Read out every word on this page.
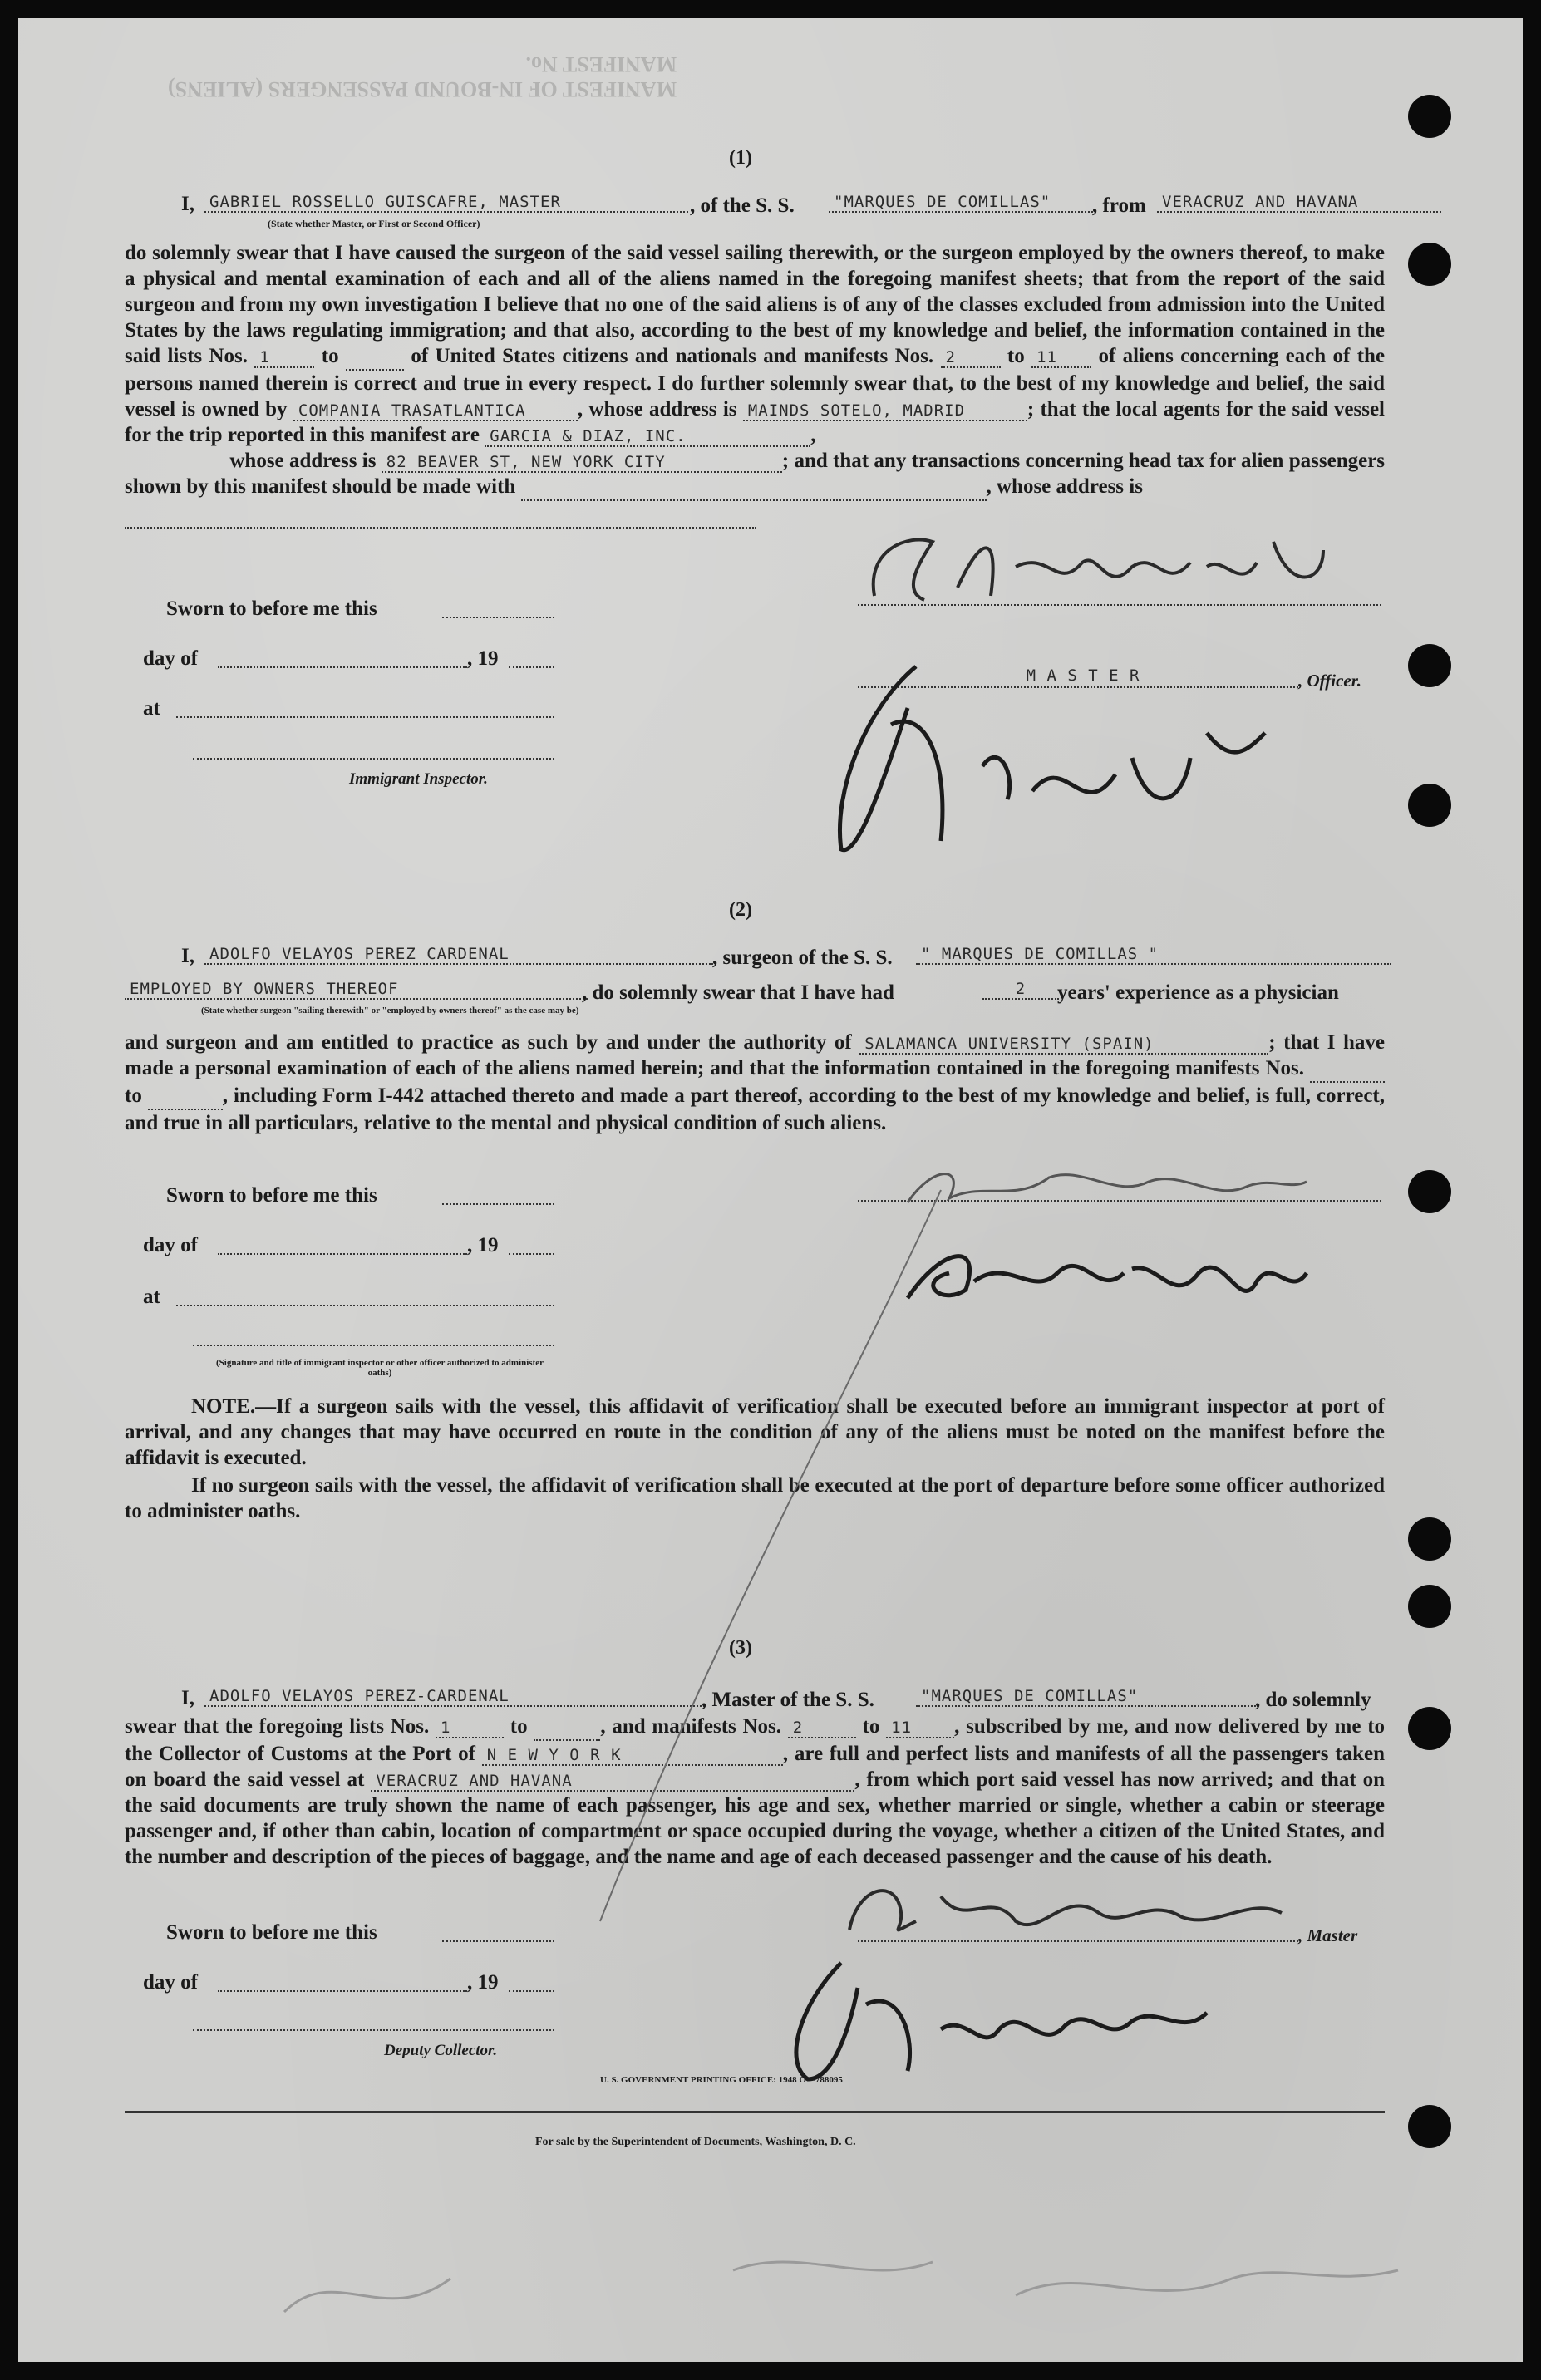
MANIFEST OF IN-BOUND PASSENGERS (ALIENS)
MANIFEST No.
(1)
I, GABRIEL ROSSELLO GUISCAFRE, MASTER	, of the S. S.	"MARQUES DE COMILLAS"	, from	VERACRUZ AND HAVANA
(State whether Master, or First or Second Officer)
do solemnly swear that I have caused the surgeon of the said vessel sailing therewith, or the surgeon employed by the owners thereof, to make a physical and mental examination of each and all of the aliens named in the foregoing manifest sheets; that from the report of the said surgeon and from my own investigation I believe that no one of the said aliens is of any of the classes excluded from admission into the United States by the laws regulating immigration; and that also, according to the best of my knowledge and belief, the information contained in the said lists Nos. 1 to	of United States citizens and nationals and manifests Nos. 2 to 11 of aliens concerning each of the persons named therein is correct and true in every respect. I do further solemnly swear that, to the best of my knowledge and belief, the said vessel is owned by COMPANIA TRASATLANTICA , whose address is MAINDS SOTELO, MADRID	; that the local agents for the said vessel for the trip reported in this manifest are GARCIA & DIAZ, INC.	,
whose address is 82 BEAVER ST, NEW YORK CITY	; and that any transactions concerning head tax for alien passengers shown by this manifest should be made with	, whose address is

Sworn to before me this
day of	, 19
at
Immigrant Inspector.
M A S T E R	, Officer.
(2)
I, ADOLFO VELAYOS PEREZ CARDENAL	, surgeon of the S. S.	" MARQUES DE COMILLAS "
EMPLOYED BY OWNERS THEREOF	, do solemnly swear that I have had	2	years' experience as a physician
(State whether surgeon "sailing therewith" or "employed by owners thereof" as the case may be)
and surgeon and am entitled to practice as such by and under the authority of SALAMANCA UNIVERSITY (SPAIN)	; that I have made a personal examination of each of the aliens named herein; and that the information contained in the foregoing manifests Nos.   to	, including Form I-442 attached thereto and made a part thereof, according to the best of my knowledge and belief, is full, correct, and true in all particulars, relative to the mental and physical condition of such aliens.
Sworn to before me this
day of	, 19
at
(Signature and title of immigrant inspector or other officer authorized to administer oaths)
NOTE.—If a surgeon sails with the vessel, this affidavit of verification shall be executed before an immigrant inspector at port of arrival, and any changes that may have occurred en route in the condition of any of the aliens must be noted on the manifest before the affidavit is executed.
If no surgeon sails with the vessel, the affidavit of verification shall be executed at the port of departure before some officer authorized to administer oaths.
(3)
I, ADOLFO VELAYOS PEREZ-CARDENAL	, Master of the S. S.	"MARQUES DE COMILLAS"	, do solemnly
swear that the foregoing lists Nos. 1	to	, and manifests Nos. 2	to 11 , subscribed by me, and now delivered by me to the Collector of Customs at the Port of N E W Y O R K	, are full and perfect lists and manifests of all the passengers taken on board the said vessel at VERACRUZ AND HAVANA	, from which port said vessel has now arrived; and that on the said documents are truly shown the name of each passenger, his age and sex, whether married or single, whether a cabin or steerage passenger and, if other than cabin, location of compartment or space occupied during the voyage, whether a citizen of the United States, and the number and description of the pieces of baggage, and the name and age of each deceased passenger and the cause of his death.
Sworn to before me this	, Master
day of	, 19
Deputy Collector.
U. S. GOVERNMENT PRINTING OFFICE: 1948 O—788095
For sale by the Superintendent of Documents, Washington, D. C.
